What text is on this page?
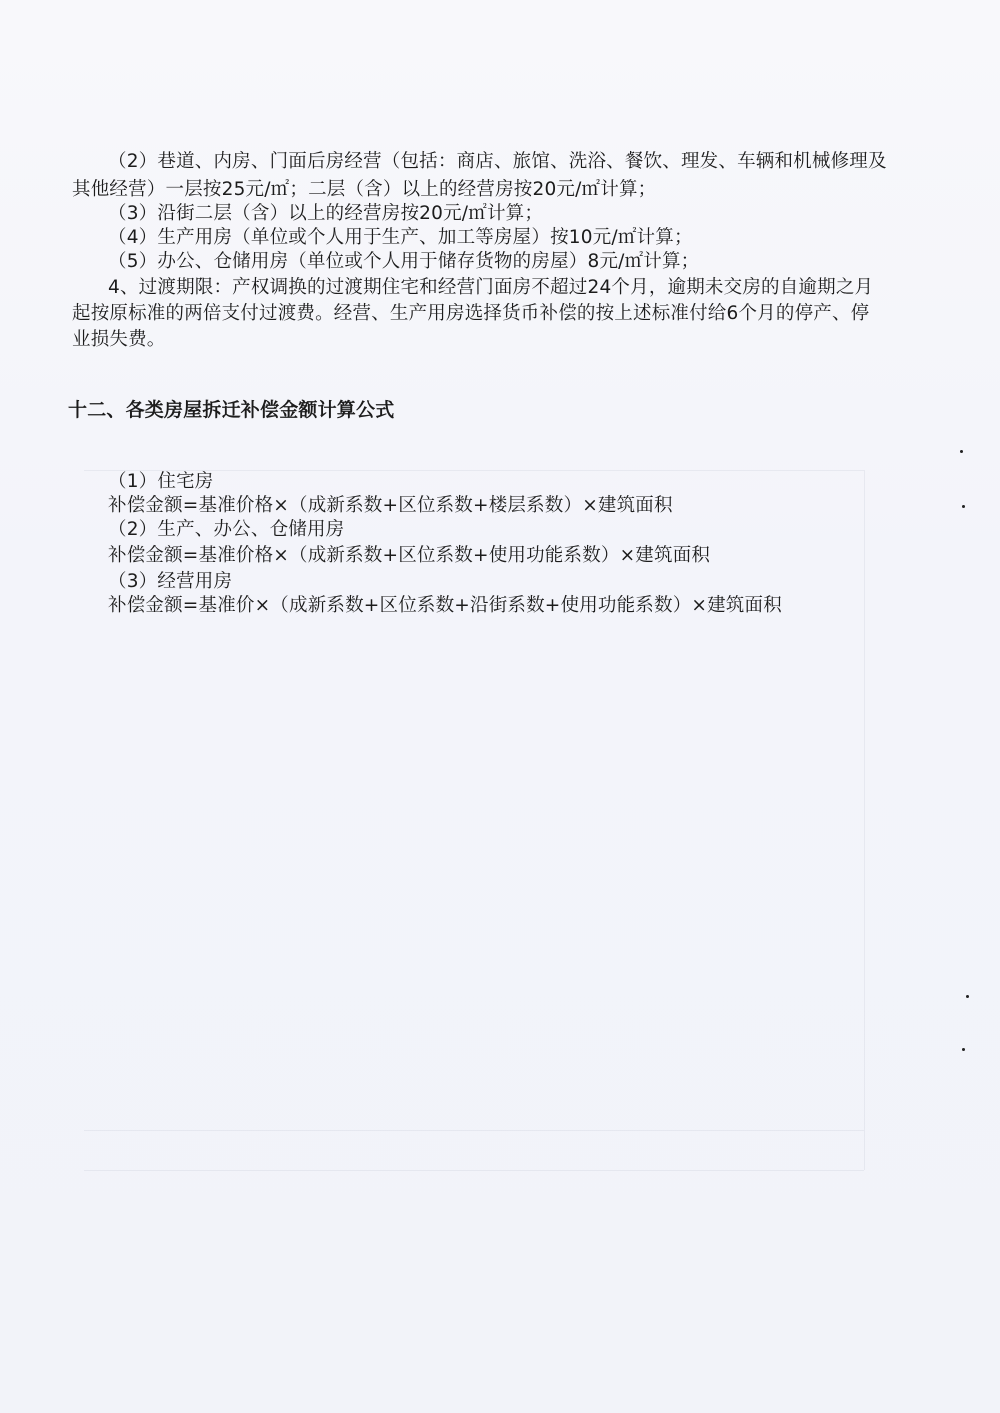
（2）巷道、内房、门面后房经营（包括：商店、旅馆、洗浴、餐饮、理发、车辆和机械修理及
其他经营）一层按25元/㎡；二层（含）以上的经营房按20元/㎡计算；
（3）沿街二层（含）以上的经营房按20元/㎡计算；
（4）生产用房（单位或个人用于生产、加工等房屋）按10元/㎡计算；
（5）办公、仓储用房（单位或个人用于储存货物的房屋）8元/㎡计算；
4、过渡期限：产权调换的过渡期住宅和经营门面房不超过24个月，逾期未交房的自逾期之月
起按原标准的两倍支付过渡费。经营、生产用房选择货币补偿的按上述标准付给6个月的停产、停
业损失费。
十二、各类房屋拆迁补偿金额计算公式
（1）住宅房
补偿金额=基准价格×（成新系数+区位系数+楼层系数）×建筑面积
（2）生产、办公、仓储用房
补偿金额=基准价格×（成新系数+区位系数+使用功能系数）×建筑面积
（3）经营用房
补偿金额=基准价×（成新系数+区位系数+沿街系数+使用功能系数）×建筑面积
